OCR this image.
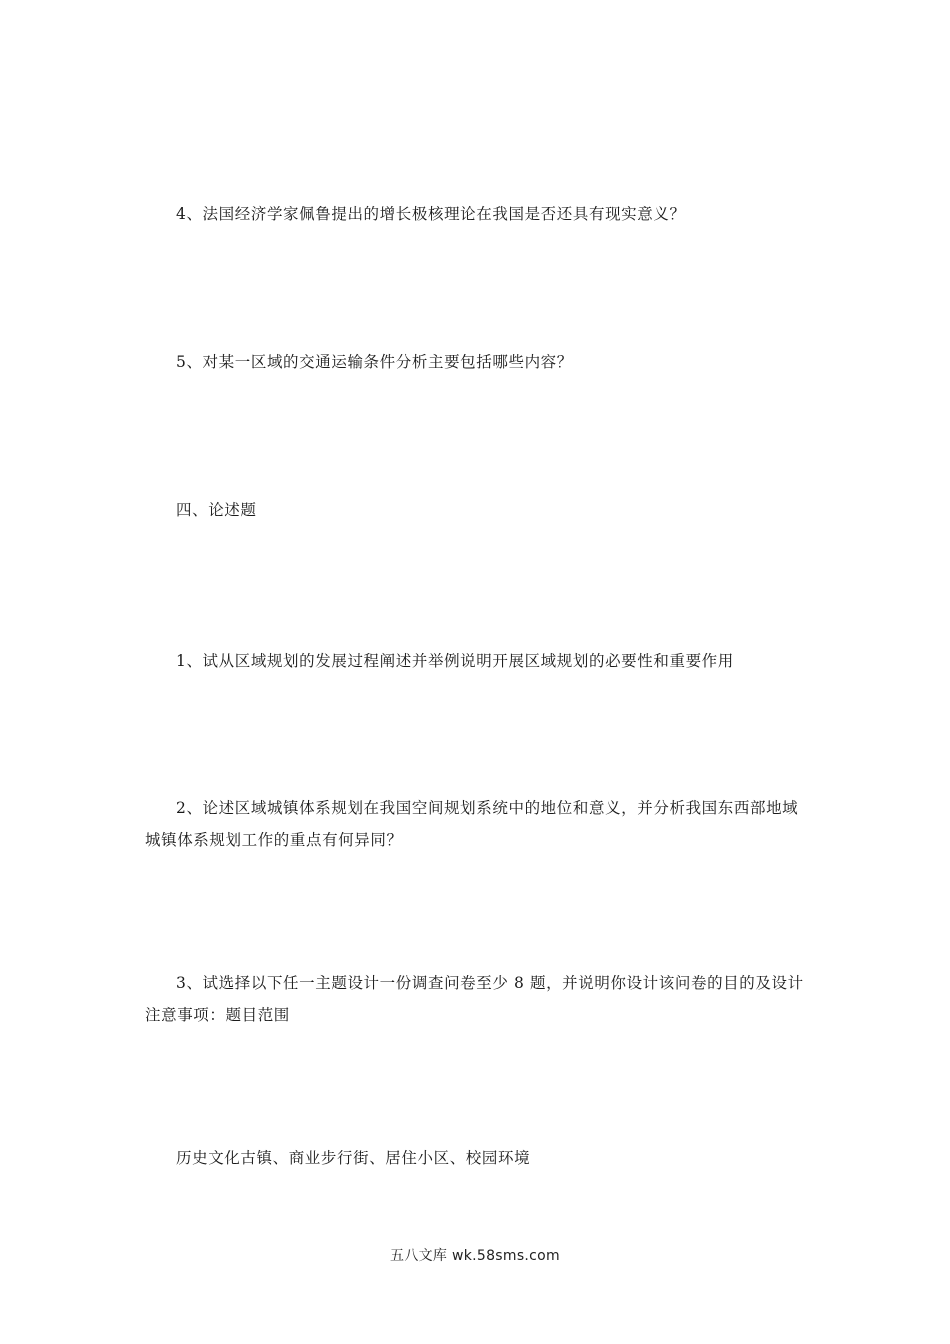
4、法国经济学家佩鲁提出的增长极核理论在我国是否还具有现实意义？

5、对某一区域的交通运输条件分析主要包括哪些内容？

四、论述题

1、试从区域规划的发展过程阐述并举例说明开展区域规划的必要性和重要作用

2、论述区域城镇体系规划在我国空间规划系统中的地位和意义，并分析我国东西部地域城镇体系规划工作的重点有何异同？

3、试选择以下任一主题设计一份调查问卷至少 8 题，并说明你设计该问卷的目的及设计注意事项：题目范围

历史文化古镇、商业步行街、居住小区、校园环境

五八文库 wk.58sms.com
